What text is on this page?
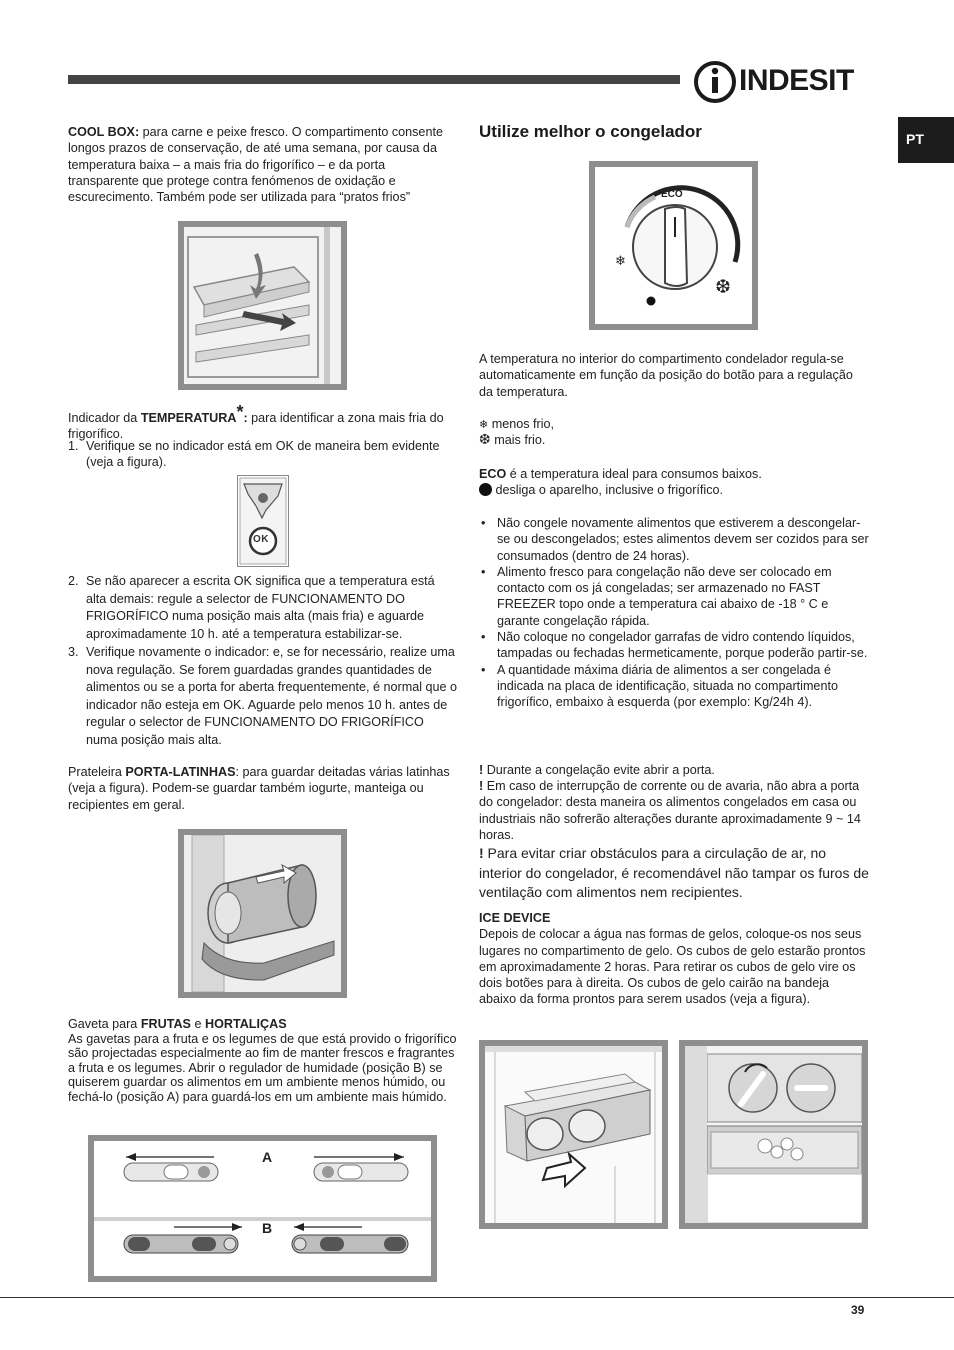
INDESIT
PT
COOL BOX: para carne e peixe fresco. O compartimento consente longos prazos de conservação, de até uma semana, por causa da temperatura baixa – a mais fria do frigorífico – e da porta transparente que protege contra fenómenos de oxidação e escurecimento. Também pode ser utilizada para “pratos frios”
Indicador da TEMPERATURA*: para identificar a zona mais fria do frigorífico.
1. Verifique se no indicador está em OK de maneira bem evidente (veja a figura).
OK
2. Se não aparecer a escrita OK significa que a temperatura está alta demais: regule a selector de FUNCIONAMENTO DO FRIGORÍFICO numa posição mais alta (mais fria) e aguarde aproximadamente 10 h. até a temperatura estabilizar-se.
3. Verifique novamente o indicador: e, se for necessário, realize uma nova regulação. Se forem guardadas grandes quantidades de alimentos ou se a porta for aberta frequentemente, é normal que o indicador não esteja em OK. Aguarde pelo menos 10 h. antes de regular o selector de FUNCIONAMENTO DO FRIGORÍFICO numa posição mais alta.
Prateleira PORTA-LATINHAS: para guardar deitadas várias latinhas (veja a figura). Podem-se guardar também iogurte, manteiga ou recipientes em geral.
Gaveta para FRUTAS e HORTALIÇAS
As gavetas para a fruta e os legumes de que está provido o frigorífico são projectadas especialmente ao fim de manter frescos e fragrantes a fruta e os legumes. Abrir o regulador de humidade (posição B) se quiserem guardar os alimentos em um ambiente menos húmido, ou fechá-lo (posição A) para guardá-los em um ambiente mais húmido.
A
B
Utilize melhor o congelador
❄
❆
ECO
A temperatura no interior do compartimento condelador regula-se automaticamente em função da posição do botão para a regulação da temperatura.
❄ menos frio,
❆ mais frio.
ECO é a temperatura ideal para consumos baixos.
desliga o aparelho, inclusive o frigorífico.
• Não congele novamente alimentos que estiverem a descongelar-se ou descongelados; estes alimentos devem ser cozidos para ser consumados (dentro de 24 horas).
• Alimento fresco para congelação não deve ser colocado em contacto com os já congeladas; ser armazenado no FAST FREEZER topo onde a temperatura cai abaixo de -18 ° C e garante congelação rápida.
• Não coloque no congelador garrafas de vidro contendo líquidos, tampadas ou fechadas hermeticamente, porque poderão partir-se.
• A quantidade máxima diária de alimentos a ser congelada é indicada na placa de identificação, situada no compartimento frigorífico, embaixo à esquerda (por exemplo: Kg/24h 4).
! Durante a congelação evite abrir a porta.
! Em caso de interrupção de corrente ou de avaria, não abra a porta do congelador: desta maneira os alimentos congelados em casa ou industriais não sofrerão alterações durante aproximadamente 9 ~ 14 horas.
! Para evitar criar obstáculos para a circulação de ar, no interior do congelador, é recomendável não tampar os furos de ventilação com alimentos nem recipientes.
ICE DEVICE
Depois de colocar a água nas formas de gelos, coloque-os nos seus lugares no compartimento de gelo. Os cubos de gelo estarão prontos em aproximadamente 2 horas. Para retirar os cubos de gelo vire os dois botões para à direita. Os cubos de gelo cairão na bandeja abaixo da forma prontos para serem usados (veja a figura).
39
